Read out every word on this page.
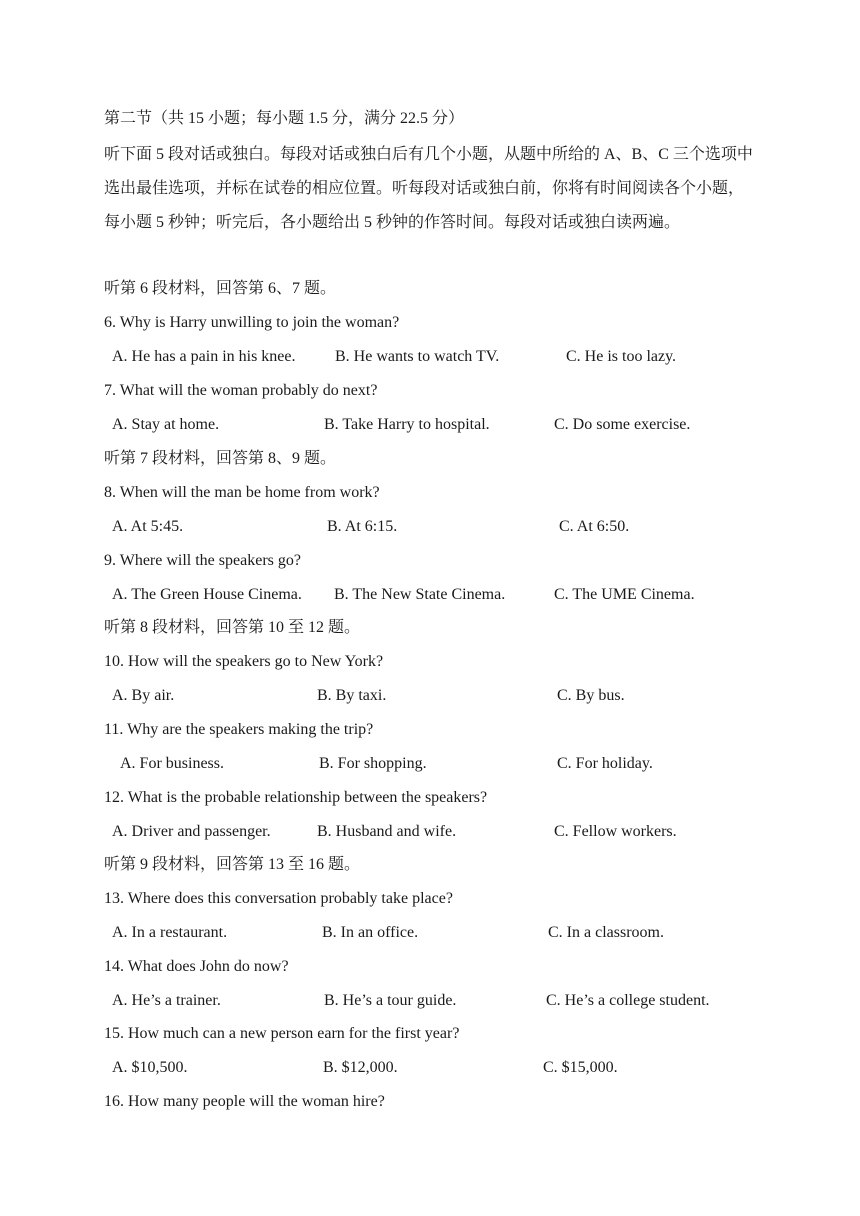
第二节（共 15 小题；每小题 1.5 分，满分 22.5 分）
听下面 5 段对话或独白。每段对话或独白后有几个小题，从题中所给的 A、B、C 三个选项中选出最佳选项，并标在试卷的相应位置。听每段对话或独白前，你将有时间阅读各个小题，每小题 5 秒钟；听完后，各小题给出 5 秒钟的作答时间。每段对话或独白读两遍。
听第 6 段材料，回答第 6、7 题。
6. Why is Harry unwilling to join the woman?
A. He has a pain in his knee. B. He wants to watch TV.	C. He is too lazy.
7. What will the woman probably do next?
A. Stay at home.	B. Take Harry to hospital.	C. Do some exercise.
听第 7 段材料，回答第 8、9 题。
8. When will the man be home from work?
A. At 5:45.	B. At 6:15.	C. At 6:50.
9. Where will the speakers go?
A. The Green House Cinema. B. The New State Cinema.	C. The UME Cinema.
听第 8 段材料，回答第 10 至 12 题。
10. How will the speakers go to New York?
A. By air.	B. By taxi.	C. By bus.
11. Why are the speakers making the trip?
A. For business.	B. For shopping.	C. For holiday.
12. What is the probable relationship between the speakers?
A. Driver and passenger.	B. Husband and wife.	C. Fellow workers.
听第 9 段材料，回答第 13 至 16 题。
13. Where does this conversation probably take place?
A. In a restaurant.	B. In an office.	C. In a classroom.
14. What does John do now?
A. He’s a trainer.	B. He’s a tour guide.	C. He’s a college student.
15. How much can a new person earn for the first year?
A. $10,500.	B. $12,000.	C. $15,000.
16. How many people will the woman hire?
